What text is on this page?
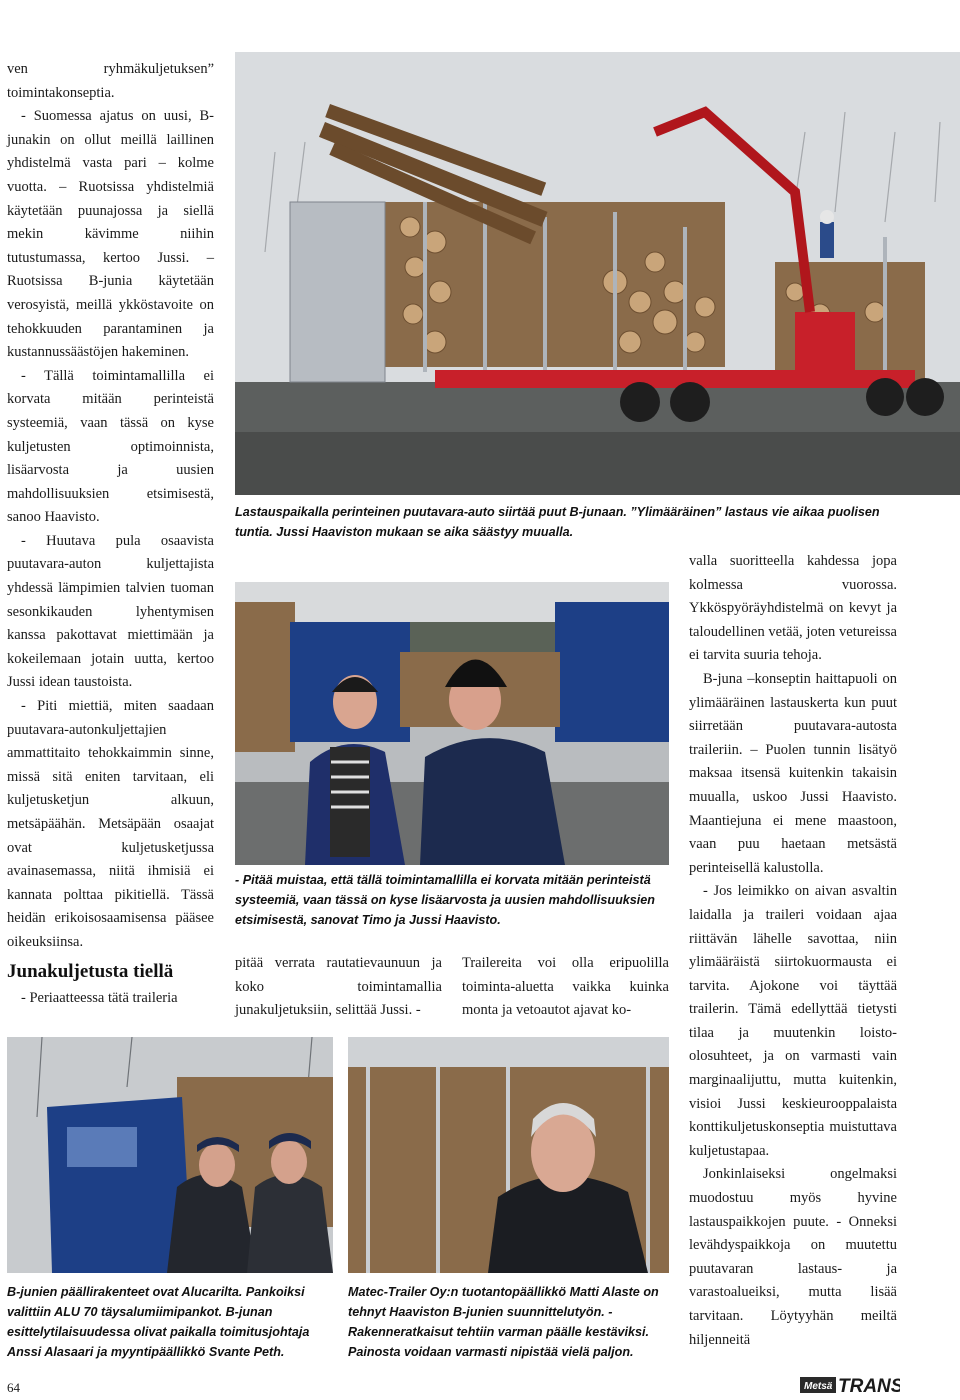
ven ryhmäkuljetuksen” toimintakonseptia.

- Suomessa ajatus on uusi, B-junakin on ollut meillä laillinen yhdistelmä vasta pari – kolme vuotta. – Ruotsissa yhdistelmiä käytetään puunajossa ja siellä mekin kävimme niihin tutustumassa, kertoo Jussi. – Ruotsissa B-junia käytetään verosyistä, meillä ykköstavoite on tehokkuuden parantaminen ja kustannussäästöjen hakeminen.

- Tällä toimintamallilla ei korvata mitään perinteistä systeemiä, vaan tässä on kyse kuljetusten optimoinnista, lisäarvosta ja uusien mahdollisuuksien etsimisestä, sanoo Haavisto.

- Huutava pula osaavista puutavara-auton kuljettajista yhdessä lämpimien talvien tuoman sesonkikauden lyhentymisen kanssa pakottavat miettimään ja kokeilemaan jotain uutta, kertoo Jussi idean taustoista.

- Piti miettiä, miten saadaan puutavara-autonkuljettajien ammattitaito tehokkaimmin sinne, missä sitä eniten tarvitaan, eli kuljetusketjun alkuun, metsäpäähän. Metsäpään osaajat ovat kuljetusketjussa avainasemassa, niitä ihmisiä ei kannata polttaa pikitiellä. Tässä heidän erikoisosaamisensa pääsee oikeuksiinsa.

Junakuljetusta tiellä

- Periaatteessa tätä traileria

Lastauspaikalla perinteinen puutavara-auto siirtää puut B-junaan. ”Ylimääräinen” lastaus vie aikaa puolisen tuntia. Jussi Haaviston mukaan se aika säästyy muualla.
- Pitää muistaa, että tällä toimintamallilla ei korvata mitään perinteistä systeemiä, vaan tässä on kyse lisäarvosta ja uusien mahdollisuuksien etsimisestä, sanovat Timo ja Jussi Haavisto.

pitää verrata rautatievaunuun ja koko toimintamallia junakuljetuksiin, selittää Jussi. -

Trailereita voi olla eripuolilla toiminta-aluetta vaikka kuinka monta ja vetoautot ajavat ko-

valla suoritteella kahdessa jopa kolmessa vuorossa. Ykköspyöräyhdistelmä on kevyt ja taloudellinen vetää, joten vetureissa ei tarvita suuria tehoja.

B-juna –konseptin haittapuoli on ylimääräinen lastauskerta kun puut siirretään puutavara-autosta traileriin. – Puolen tunnin lisätyö maksaa itsensä kuitenkin takaisin muualla, uskoo Jussi Haavisto. Maantiejuna ei mene maastoon, vaan puu haetaan metsästä perinteisellä kalustolla.

- Jos leimikko on aivan asvaltin laidalla ja traileri voidaan ajaa riittävän lähelle savottaa, niin ylimääräistä siirtokuormausta ei tarvita. Ajokone voi täyttää trailerin. Tämä edellyttää tietysti tilaa ja muutenkin loisto-olosuhteet, ja on varmasti vain marginaalijuttu, mutta kuitenkin, visioi Jussi keskieurooppalaista konttikuljetuskonseptia muistuttava kuljetustapaa.

Jonkinlaiseksi ongelmaksi muodostuu myös hyvine lastauspaikkojen puute. - Onneksi levähdyspaikkoja on muutettu puutavaran lastaus- ja varastoalueiksi, mutta lisää tarvitaan. Löytyyhän meiltä hiljenneitä

B-junien päällirakenteet ovat Alucarilta. Pankoiksi valittiin ALU 70 täysalumiimipankot. B-junan esittelytilaisuudessa olivat paikalla toimitusjohtaja Anssi Alasaari ja myyntipäällikkö Svante Peth.
Matec-Trailer Oy:n tuotantopäällikkö Matti Alaste on tehnyt Haaviston B-junien suunnittelutyön. - Rakenneratkaisut tehtiin varman päälle kestäviksi. Painosta voidaan varmasti nipistää vielä paljon.
64	Metsä TRANS
